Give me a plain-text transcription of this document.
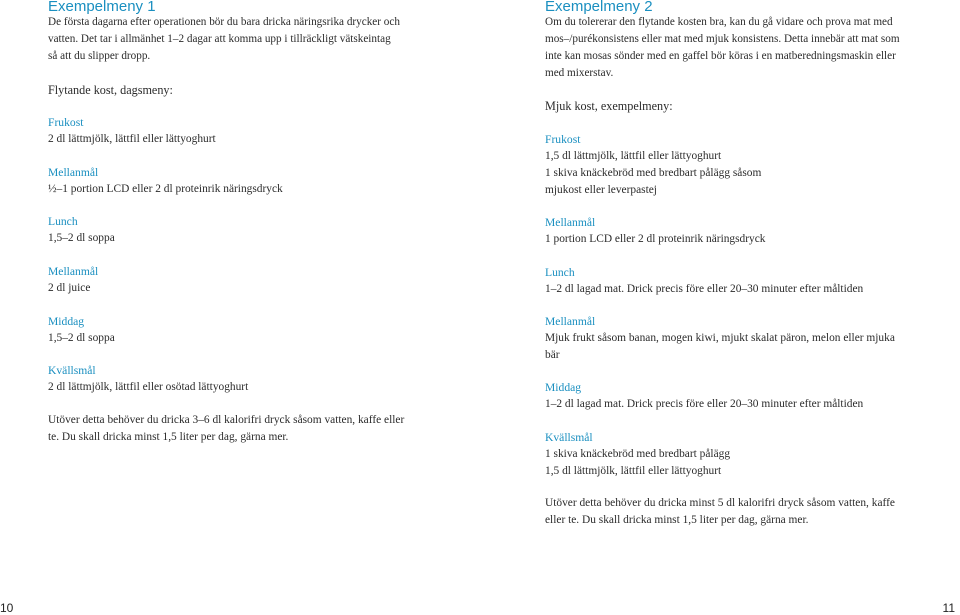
Exempelmeny 1

De första dagarna efter operationen bör du bara dricka näringsrika drycker och
vatten. Det tar i allmänhet 1–2 dagar att komma upp i tillräckligt vätskeintag
så att du slipper dropp.

Flytande kost, dagsmeny:

Frukost
2 dl lättmjölk, lättfil eller lättyoghurt
Mellanmål
½–1 portion LCD eller 2 dl proteinrik näringsdryck
Lunch
1,5–2 dl soppa
Mellanmål
2 dl juice
Middag
1,5–2 dl soppa
Kvällsmål
2 dl lättmjölk, lättfil eller osötad lättyoghurt

Utöver detta behöver du dricka 3–6 dl kalorifri dryck såsom vatten, kaffe eller
te. Du skall dricka minst 1,5 liter per dag, gärna mer.

Exempelmeny 2

Om du tolererar den flytande kosten bra, kan du gå vidare och prova mat med
mos–/purékonsistens eller mat med mjuk konsistens. Detta innebär att mat som
inte kan mosas sönder med en gaffel bör köras i en matberedningsmaskin eller
med mixerstav.

Mjuk kost, exempelmeny:

Frukost
1,5 dl lättmjölk, lättfil eller lättyoghurt
1 skiva knäckebröd med bredbart pålägg såsom
mjukost eller leverpastej
Mellanmål
1 portion LCD eller 2 dl proteinrik näringsdryck
Lunch
1–2 dl lagad mat. Drick precis före eller 20–30 minuter efter måltiden
Mellanmål
Mjuk frukt såsom banan, mogen kiwi, mjukt skalat päron, melon eller mjuka
bär
Middag
1–2 dl lagad mat. Drick precis före eller 20–30 minuter efter måltiden
Kvällsmål
1 skiva knäckebröd med bredbart pålägg
1,5 dl lättmjölk, lättfil eller lättyoghurt

Utöver detta behöver du dricka minst 5 dl kalorifri dryck såsom vatten, kaffe
eller te. Du skall dricka minst 1,5 liter per dag, gärna mer.

10	11
